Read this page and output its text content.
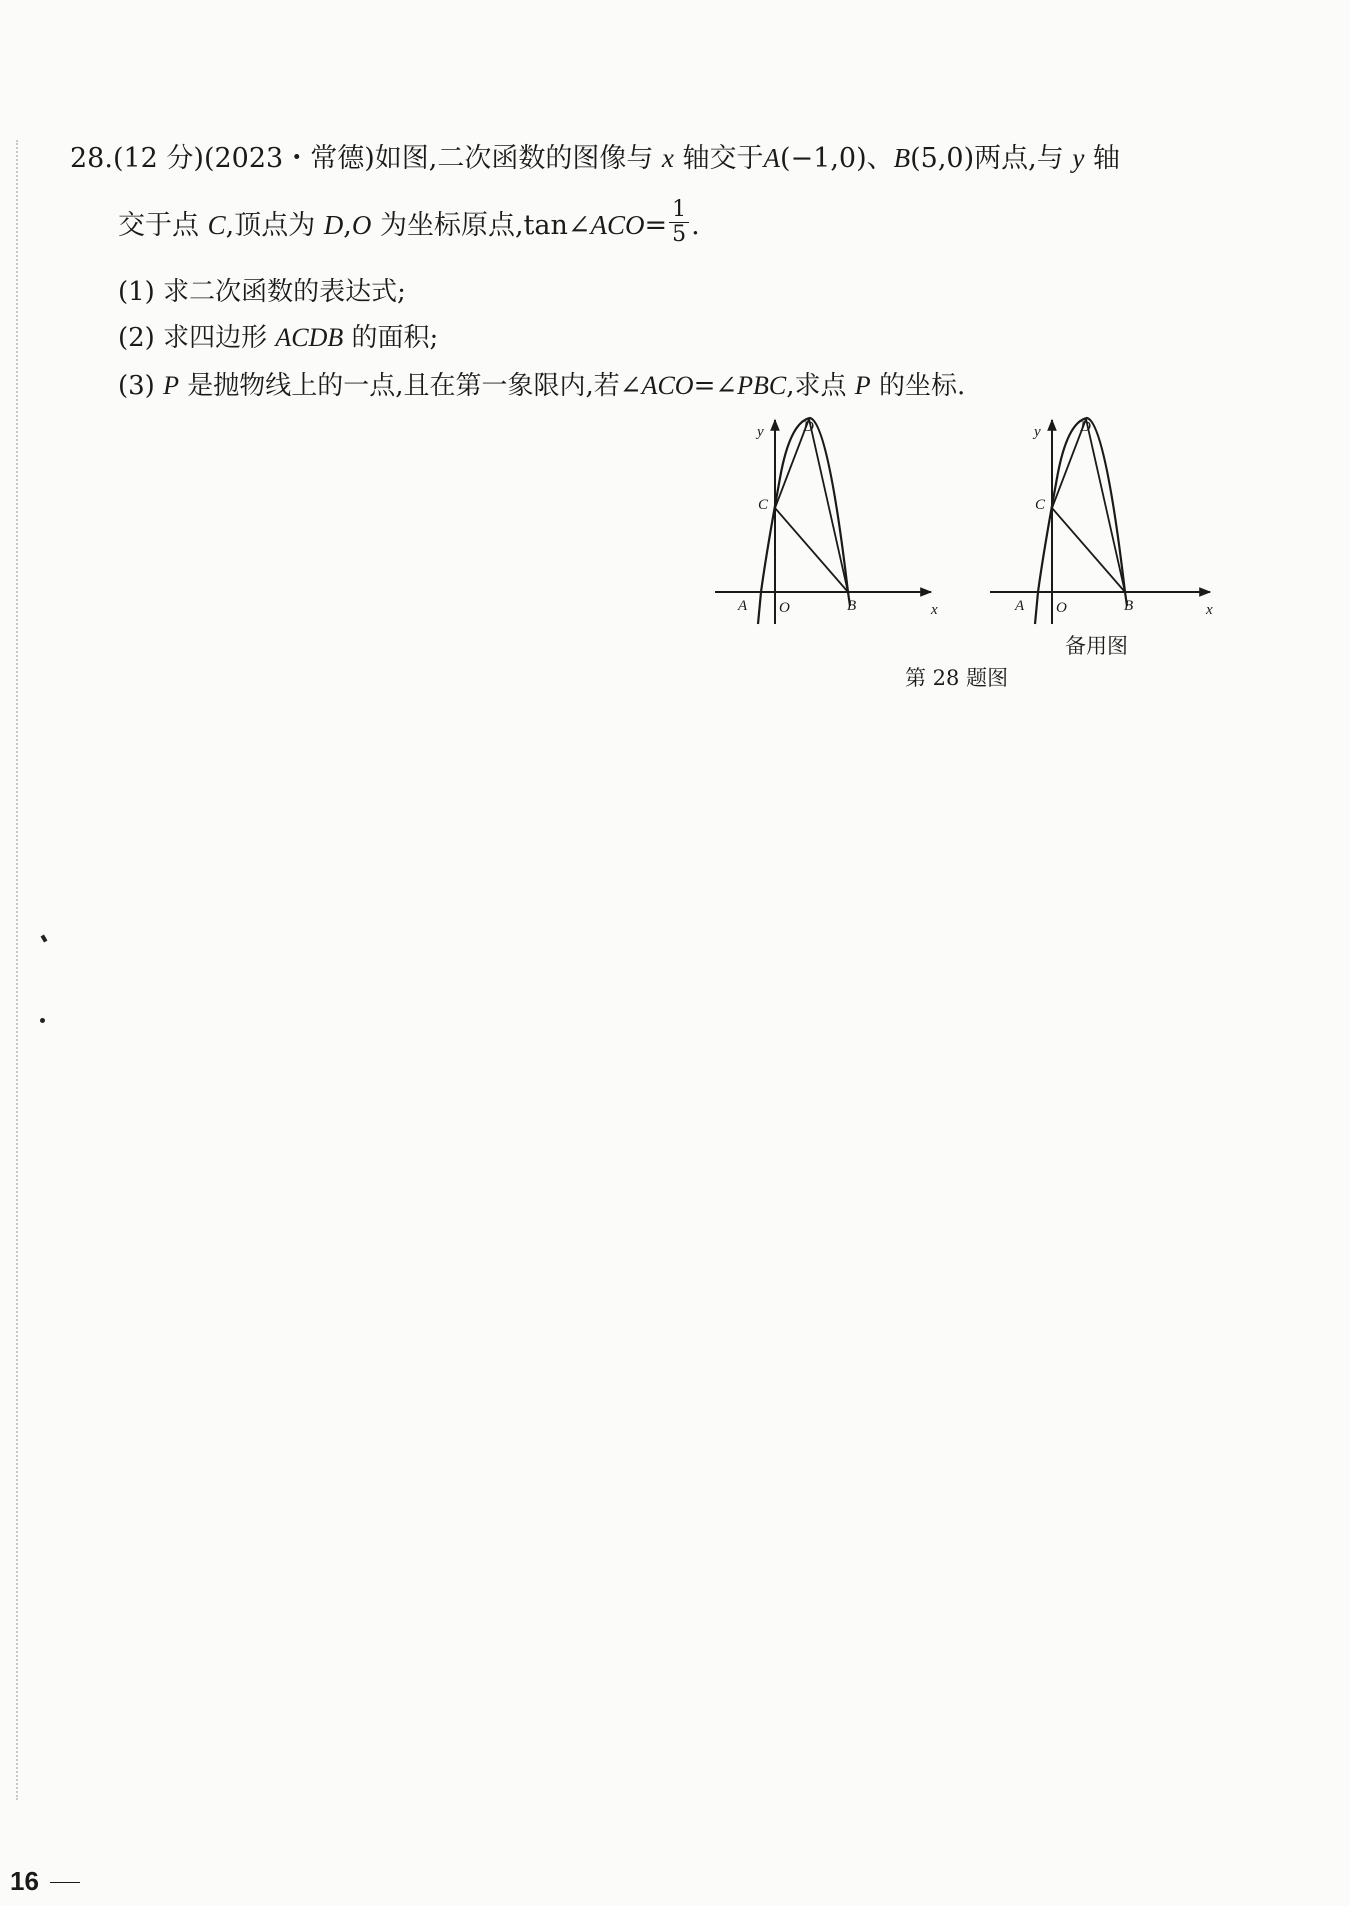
28.(12 分)(2023・常德)如图,二次函数的图像与 x 轴交于A(−1,0)、B(5,0)两点,与 y 轴
交于点 C,顶点为 D,O 为坐标原点,tan∠ACO= $\frac{1}{5}$ .
(1) 求二次函数的表达式;
(2) 求四边形 ACDB 的面积;
(3) P 是抛物线上的一点,且在第一象限内,若∠ACO=∠PBC,求点 P 的坐标.
y
x
D
C
A O	B
y
x
D
C
A O	B
备用图
第 28 题图
16
